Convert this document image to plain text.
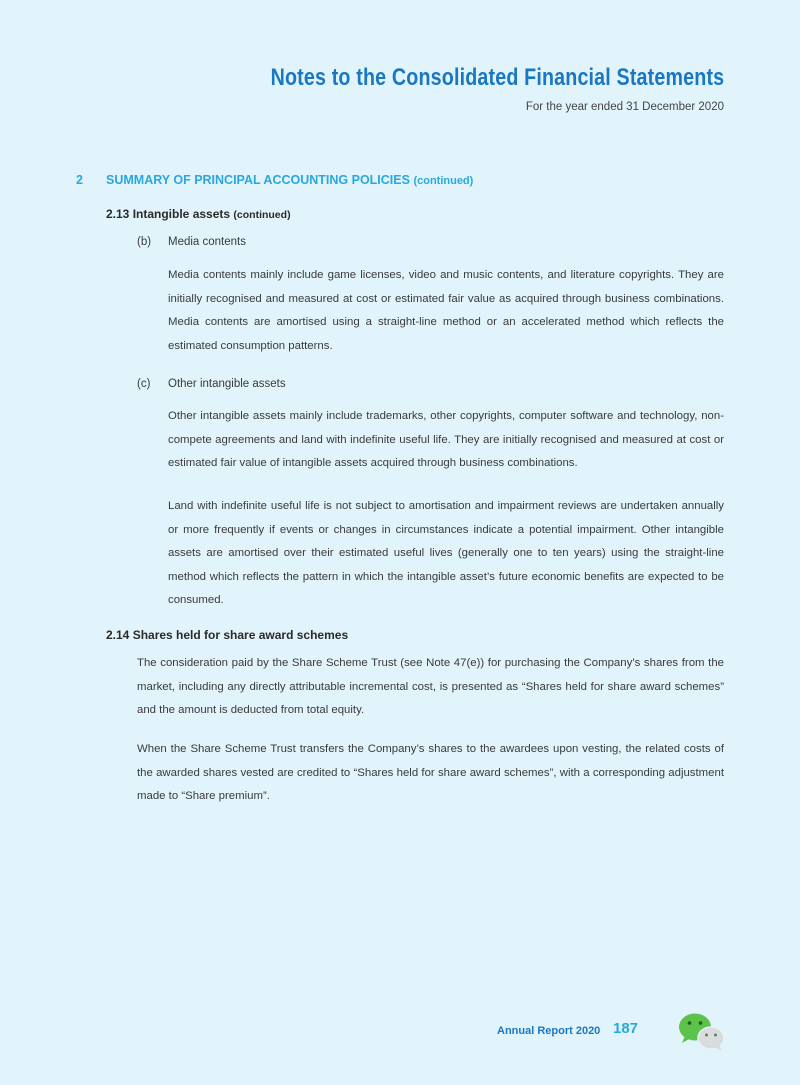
Notes to the Consolidated Financial Statements
For the year ended 31 December 2020
2 SUMMARY OF PRINCIPAL ACCOUNTING POLICIES (continued)
2.13 Intangible assets (continued)
(b) Media contents

Media contents mainly include game licenses, video and music contents, and literature copyrights. They are initially recognised and measured at cost or estimated fair value as acquired through business combinations. Media contents are amortised using a straight-line method or an accelerated method which reflects the estimated consumption patterns.

(c) Other intangible assets

Other intangible assets mainly include trademarks, other copyrights, computer software and technology, non-compete agreements and land with indefinite useful life. They are initially recognised and measured at cost or estimated fair value of intangible assets acquired through business combinations.

Land with indefinite useful life is not subject to amortisation and impairment reviews are undertaken annually or more frequently if events or changes in circumstances indicate a potential impairment. Other intangible assets are amortised over their estimated useful lives (generally one to ten years) using the straight-line method which reflects the pattern in which the intangible asset’s future economic benefits are expected to be consumed.

2.14 Shares held for share award schemes

The consideration paid by the Share Scheme Trust (see Note 47(e)) for purchasing the Company’s shares from the market, including any directly attributable incremental cost, is presented as “Shares held for share award schemes” and the amount is deducted from total equity.

When the Share Scheme Trust transfers the Company’s shares to the awardees upon vesting, the related costs of the awarded shares vested are credited to “Shares held for share award schemes”, with a corresponding adjustment made to “Share premium”.

Annual Report 2020 187
